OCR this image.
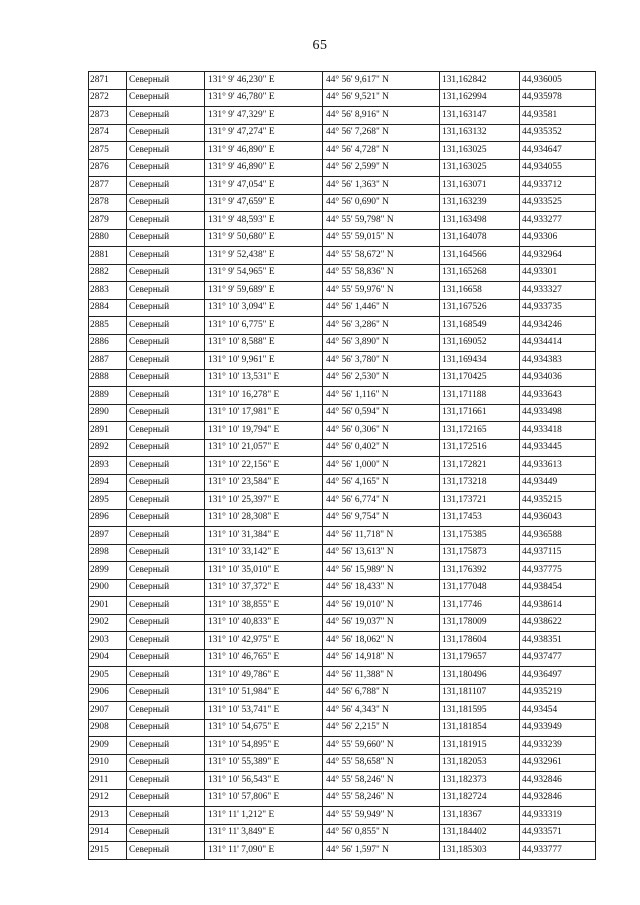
65
2871	Северный	131° 9' 46,230" E	44° 56' 9,617" N	131,162842	44,936005
2872	Северный	131° 9' 46,780" E	44° 56' 9,521" N	131,162994	44,935978
2873	Северный	131° 9' 47,329" E	44° 56' 8,916" N	131,163147	44,93581
2874	Северный	131° 9' 47,274" E	44° 56' 7,268" N	131,163132	44,935352
2875	Северный	131° 9' 46,890" E	44° 56' 4,728" N	131,163025	44,934647
2876	Северный	131° 9' 46,890" E	44° 56' 2,599" N	131,163025	44,934055
2877	Северный	131° 9' 47,054" E	44° 56' 1,363" N	131,163071	44,933712
2878	Северный	131° 9' 47,659" E	44° 56' 0,690" N	131,163239	44,933525
2879	Северный	131° 9' 48,593" E	44° 55' 59,798" N	131,163498	44,933277
2880	Северный	131° 9' 50,680" E	44° 55' 59,015" N	131,164078	44,93306
2881	Северный	131° 9' 52,438" E	44° 55' 58,672" N	131,164566	44,932964
2882	Северный	131° 9' 54,965" E	44° 55' 58,836" N	131,165268	44,93301
2883	Северный	131° 9' 59,689" E	44° 55' 59,976" N	131,16658	44,933327
2884	Северный	131° 10' 3,094" E	44° 56' 1,446" N	131,167526	44,933735
2885	Северный	131° 10' 6,775" E	44° 56' 3,286" N	131,168549	44,934246
2886	Северный	131° 10' 8,588" E	44° 56' 3,890" N	131,169052	44,934414
2887	Северный	131° 10' 9,961" E	44° 56' 3,780" N	131,169434	44,934383
2888	Северный	131° 10' 13,531" E	44° 56' 2,530" N	131,170425	44,934036
2889	Северный	131° 10' 16,278" E	44° 56' 1,116" N	131,171188	44,933643
2890	Северный	131° 10' 17,981" E	44° 56' 0,594" N	131,171661	44,933498
2891	Северный	131° 10' 19,794" E	44° 56' 0,306" N	131,172165	44,933418
2892	Северный	131° 10' 21,057" E	44° 56' 0,402" N	131,172516	44,933445
2893	Северный	131° 10' 22,156" E	44° 56' 1,000" N	131,172821	44,933613
2894	Северный	131° 10' 23,584" E	44° 56' 4,165" N	131,173218	44,93449
2895	Северный	131° 10' 25,397" E	44° 56' 6,774" N	131,173721	44,935215
2896	Северный	131° 10' 28,308" E	44° 56' 9,754" N	131,17453	44,936043
2897	Северный	131° 10' 31,384" E	44° 56' 11,718" N	131,175385	44,936588
2898	Северный	131° 10' 33,142" E	44° 56' 13,613" N	131,175873	44,937115
2899	Северный	131° 10' 35,010" E	44° 56' 15,989" N	131,176392	44,937775
2900	Северный	131° 10' 37,372" E	44° 56' 18,433" N	131,177048	44,938454
2901	Северный	131° 10' 38,855" E	44° 56' 19,010" N	131,17746	44,938614
2902	Северный	131° 10' 40,833" E	44° 56' 19,037" N	131,178009	44,938622
2903	Северный	131° 10' 42,975" E	44° 56' 18,062" N	131,178604	44,938351
2904	Северный	131° 10' 46,765" E	44° 56' 14,918" N	131,179657	44,937477
2905	Северный	131° 10' 49,786" E	44° 56' 11,388" N	131,180496	44,936497
2906	Северный	131° 10' 51,984" E	44° 56' 6,788" N	131,181107	44,935219
2907	Северный	131° 10' 53,741" E	44° 56' 4,343" N	131,181595	44,93454
2908	Северный	131° 10' 54,675" E	44° 56' 2,215" N	131,181854	44,933949
2909	Северный	131° 10' 54,895" E	44° 55' 59,660" N	131,181915	44,933239
2910	Северный	131° 10' 55,389" E	44° 55' 58,658" N	131,182053	44,932961
2911	Северный	131° 10' 56,543" E	44° 55' 58,246" N	131,182373	44,932846
2912	Северный	131° 10' 57,806" E	44° 55' 58,246" N	131,182724	44,932846
2913	Северный	131° 11' 1,212" E	44° 55' 59,949" N	131,18367	44,933319
2914	Северный	131° 11' 3,849" E	44° 56' 0,855" N	131,184402	44,933571
2915	Северный	131° 11' 7,090" E	44° 56' 1,597" N	131,185303	44,933777
